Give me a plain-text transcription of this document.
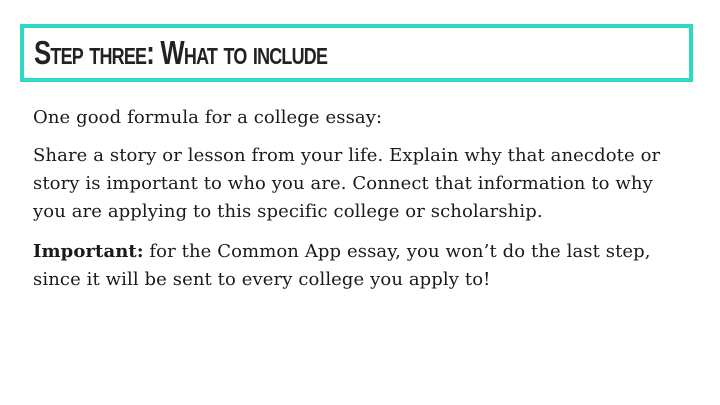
Step three: What to include

One good formula for a college essay:

Share a story or lesson from your life. Explain why that anecdote or story is important to who you are. Connect that information to why you are applying to this specific college or scholarship.

Important: for the Common App essay, you won’t do the last step, since it will be sent to every college you apply to!
